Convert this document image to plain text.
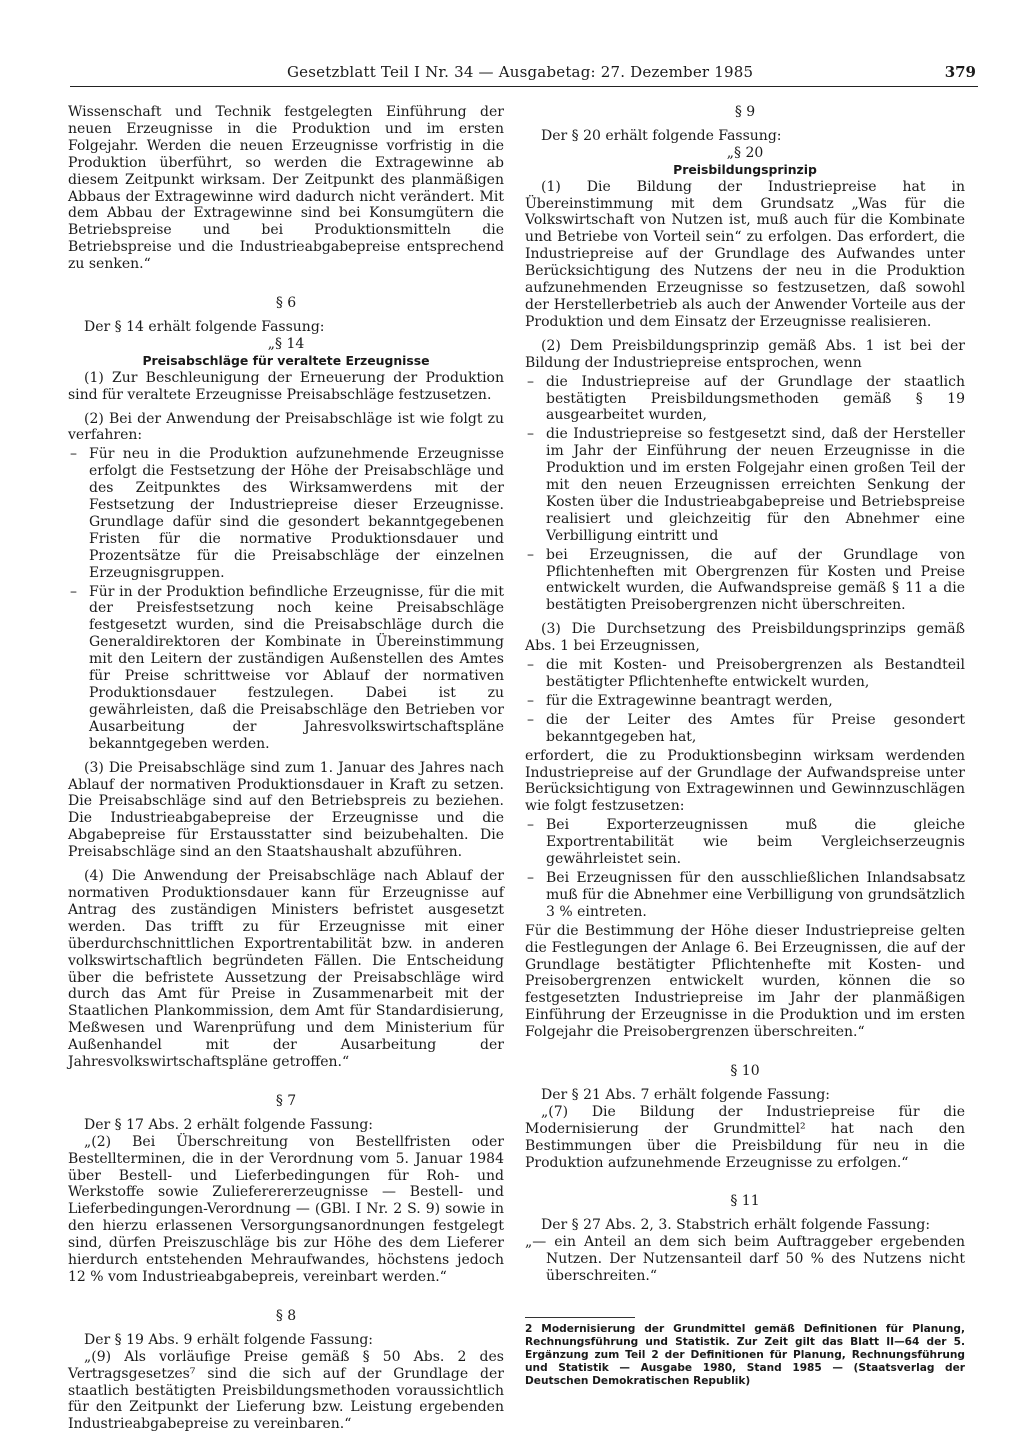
Gesetzblatt Teil I Nr. 34 — Ausgabetag: 27. Dezember 1985	379

Wissenschaft und Technik festgelegten Einführung der neuen Erzeugnisse in die Produktion und im ersten Folgejahr. Werden die neuen Erzeugnisse vorfristig in die Produktion überführt, so werden die Extragewinne ab diesem Zeitpunkt wirksam. Der Zeitpunkt des planmäßigen Abbaus der Extragewinne wird dadurch nicht verändert. Mit dem Abbau der Extragewinne sind bei Konsumgütern die Betriebspreise und bei Produktionsmitteln die Betriebspreise und die Industrieabgabepreise entsprechend zu senken.“

§ 6

Der § 14 erhält folgende Fassung:

„§ 14

Preisabschläge für veraltete Erzeugnisse

(1) Zur Beschleunigung der Erneuerung der Produktion sind für veraltete Erzeugnisse Preisabschläge festzusetzen.

(2) Bei der Anwendung der Preisabschläge ist wie folgt zu verfahren:

– Für neu in die Produktion aufzunehmende Erzeugnisse erfolgt die Festsetzung der Höhe der Preisabschläge und des Zeitpunktes des Wirksamwerdens mit der Festsetzung der Industriepreise dieser Erzeugnisse. Grundlage dafür sind die gesondert bekanntgegebenen Fristen für die normative Produktionsdauer und Prozentsätze für die Preisabschläge der einzelnen Erzeugnisgruppen.
– Für in der Produktion befindliche Erzeugnisse, für die mit der Preisfestsetzung noch keine Preisabschläge festgesetzt wurden, sind die Preisabschläge durch die Generaldirektoren der Kombinate in Übereinstimmung mit den Leitern der zuständigen Außenstellen des Amtes für Preise schrittweise vor Ablauf der normativen Produktionsdauer festzulegen. Dabei ist zu gewährleisten, daß die Preisabschläge den Betrieben vor Ausarbeitung der Jahresvolkswirtschaftspläne bekanntgegeben werden.

(3) Die Preisabschläge sind zum 1. Januar des Jahres nach Ablauf der normativen Produktionsdauer in Kraft zu setzen. Die Preisabschläge sind auf den Betriebspreis zu beziehen. Die Industrieabgabepreise der Erzeugnisse und die Abgabepreise für Erstausstatter sind beizubehalten. Die Preisabschläge sind an den Staatshaushalt abzuführen.

(4) Die Anwendung der Preisabschläge nach Ablauf der normativen Produktionsdauer kann für Erzeugnisse auf Antrag des zuständigen Ministers befristet ausgesetzt werden. Das trifft zu für Erzeugnisse mit einer überdurchschnittlichen Exportrentabilität bzw. in anderen volkswirtschaftlich begründeten Fällen. Die Entscheidung über die befristete Aussetzung der Preisabschläge wird durch das Amt für Preise in Zusammenarbeit mit der Staatlichen Plankommission, dem Amt für Standardisierung, Meßwesen und Warenprüfung und dem Ministerium für Außenhandel mit der Ausarbeitung der Jahresvolkswirtschaftspläne getroffen.“

§ 7

Der § 17 Abs. 2 erhält folgende Fassung:

„(2) Bei Überschreitung von Bestellfristen oder Bestellterminen, die in der Verordnung vom 5. Januar 1984 über Bestell- und Lieferbedingungen für Roh- und Werkstoffe sowie Zulieferererzeugnisse — Bestell- und Lieferbedingungen-Verordnung — (GBl. I Nr. 2 S. 9) sowie in den hierzu erlassenen Versorgungsanordnungen festgelegt sind, dürfen Preiszuschläge bis zur Höhe des dem Lieferer hierdurch entstehenden Mehraufwandes, höchstens jedoch 12 % vom Industrieabgabepreis, vereinbart werden.“

§ 8

Der § 19 Abs. 9 erhält folgende Fassung:

„(9) Als vorläufige Preise gemäß § 50 Abs. 2 des Vertragsgesetzes⁷ sind die sich auf der Grundlage der staatlich bestätigten Preisbildungsmethoden voraussichtlich für den Zeitpunkt der Lieferung bzw. Leistung ergebenden Industrieabgabepreise zu vereinbaren.“

§ 9

Der § 20 erhält folgende Fassung:

„§ 20

Preisbildungsprinzip

(1) Die Bildung der Industriepreise hat in Übereinstimmung mit dem Grundsatz „Was für die Volkswirtschaft von Nutzen ist, muß auch für die Kombinate und Betriebe von Vorteil sein“ zu erfolgen. Das erfordert, die Industriepreise auf der Grundlage des Aufwandes unter Berücksichtigung des Nutzens der neu in die Produktion aufzunehmenden Erzeugnisse so festzusetzen, daß sowohl der Herstellerbetrieb als auch der Anwender Vorteile aus der Produktion und dem Einsatz der Erzeugnisse realisieren.

(2) Dem Preisbildungsprinzip gemäß Abs. 1 ist bei der Bildung der Industriepreise entsprochen, wenn

– die Industriepreise auf der Grundlage der staatlich bestätigten Preisbildungsmethoden gemäß § 19 ausgearbeitet wurden,
– die Industriepreise so festgesetzt sind, daß der Hersteller im Jahr der Einführung der neuen Erzeugnisse in die Produktion und im ersten Folgejahr einen großen Teil der mit den neuen Erzeugnissen erreichten Senkung der Kosten über die Industrieabgabepreise und Betriebspreise realisiert und gleichzeitig für den Abnehmer eine Verbilligung eintritt und
– bei Erzeugnissen, die auf der Grundlage von Pflichtenheften mit Obergrenzen für Kosten und Preise entwickelt wurden, die Aufwandspreise gemäß § 11 a die bestätigten Preisobergrenzen nicht überschreiten.

(3) Die Durchsetzung des Preisbildungsprinzips gemäß Abs. 1 bei Erzeugnissen,

– die mit Kosten- und Preisobergrenzen als Bestandteil bestätigter Pflichtenhefte entwickelt wurden,
– für die Extragewinne beantragt werden,
– die der Leiter des Amtes für Preise gesondert bekanntgegeben hat,

erfordert, die zu Produktionsbeginn wirksam werdenden Industriepreise auf der Grundlage der Aufwandspreise unter Berücksichtigung von Extragewinnen und Gewinnzuschlägen wie folgt festzusetzen:

– Bei Exporterzeugnissen muß die gleiche Exportrentabilität wie beim Vergleichserzeugnis gewährleistet sein.
– Bei Erzeugnissen für den ausschließlichen Inlandsabsatz muß für die Abnehmer eine Verbilligung von grundsätzlich 3 % eintreten.

Für die Bestimmung der Höhe dieser Industriepreise gelten die Festlegungen der Anlage 6. Bei Erzeugnissen, die auf der Grundlage bestätigter Pflichtenhefte mit Kosten- und Preisobergrenzen entwickelt wurden, können die so festgesetzten Industriepreise im Jahr der planmäßigen Einführung der Erzeugnisse in die Produktion und im ersten Folgejahr die Preisobergrenzen überschreiten.“

§ 10

Der § 21 Abs. 7 erhält folgende Fassung:

„(7) Die Bildung der Industriepreise für die Modernisierung der Grundmittel² hat nach den Bestimmungen über die Preisbildung für neu in die Produktion aufzunehmende Erzeugnisse zu erfolgen.“

§ 11

Der § 27 Abs. 2, 3. Stabstrich erhält folgende Fassung:

„— ein Anteil an dem sich beim Auftraggeber ergebenden Nutzen. Der Nutzensanteil darf 50 % des Nutzens nicht überschreiten.“

2 Modernisierung der Grundmittel gemäß Definitionen für Planung, Rechnungsführung und Statistik. Zur Zeit gilt das Blatt II—64 der 5. Ergänzung zum Teil 2 der Definitionen für Planung, Rechnungsführung und Statistik — Ausgabe 1980, Stand 1985 — (Staatsverlag der Deutschen Demokratischen Republik)
